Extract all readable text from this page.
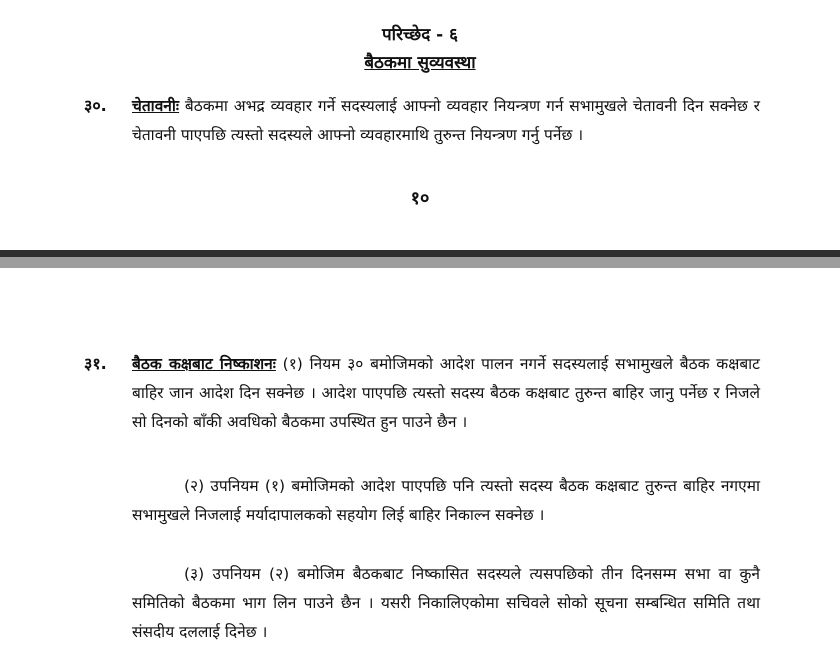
परिच्छेद - ६
बैठकमा सुव्यवस्था
३०. चेतावनीः बैठकमा अभद्र व्यवहार गर्ने सदस्यलाई आफ्नो व्यवहार नियन्त्रण गर्न सभामुखले चेतावनी दिन सक्नेछ र चेतावनी पाएपछि त्यस्तो सदस्यले आफ्नो व्यवहारमाथि तुरुन्त नियन्त्रण गर्नु पर्नेछ ।
१०
३१. बैठक कक्षबाट निष्काशनः (१) नियम ३० बमोजिमको आदेश पालन नगर्ने सदस्यलाई सभामुखले बैठक कक्षबाट बाहिर जान आदेश दिन सक्नेछ । आदेश पाएपछि त्यस्तो सदस्य बैठक कक्षबाट तुरुन्त बाहिर जानु पर्नेछ र निजले सो दिनको बाँकी अवधिको बैठकमा उपस्थित हुन पाउने छैन ।
(२) उपनियम (१) बमोजिमको आदेश पाएपछि पनि त्यस्तो सदस्य बैठक कक्षबाट तुरुन्त बाहिर नगएमा सभामुखले निजलाई मर्यादापालकको सहयोग लिई बाहिर निकाल्न सक्नेछ ।
(३) उपनियम (२) बमोजिम बैठकबाट निष्कासित सदस्यले त्यसपछिको तीन दिनसम्म सभा वा कुनै समितिको बैठकमा भाग लिन पाउने छैन । यसरी निकालिएकोमा सचिवले सोको सूचना सम्बन्धित समिति तथा संसदीय दललाई दिनेछ ।
